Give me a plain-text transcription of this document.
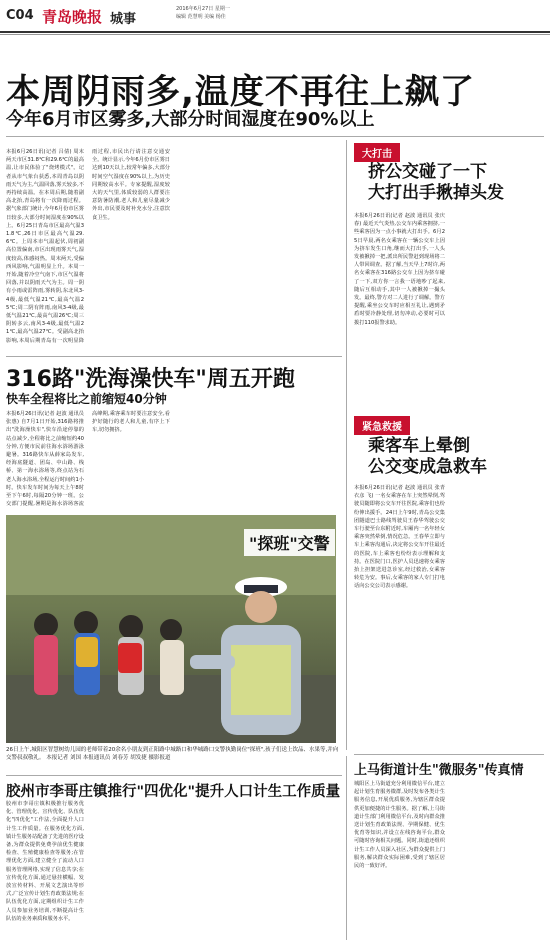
C04 青岛晚报 城事
2016年6月27日 星期一
编辑 范慧明 美编 杨佳
本周阴雨多,温度不再往上飙了
今年6月市区雾多,大部分时间湿度在90%以上
本报6月26日讯(记者 吕倩) 周末两天市区31.8℃和29.6℃的最高温,让市民体验了"烧烤模式"。记者从市气象台获悉,本周青岛以阴雨天气为主,气温回落,雾天较多,不再持续高温。在本周后期,随着副高北抬,青岛将有一次降雨过程。据气象部门统计,今年6月份市区雾日较多,大部分时间湿度在90%以上。6月25日青岛市区最高气温31.8℃,26日市区最高气温29.6℃。上周本市气温起伏,周初副高位置偏南,市区出现雨雾天气,湿度较高,体感闷热。周末两天,受偏西风影响,气温明显上升。本周一开始,随着冷空气南下,市区气温将回落,并以阴雨天气为主。周一阴有小雨或雷阵雨,雾转阴,东北风3-4级,最低气温21℃,最高气温25℃;周二阴有阵雨,南风3-4级,最低气温21℃,最高气温26℃;周三阴转多云,南风3-4级,最低气温21℃,最高气温27℃。受副高北抬影响,本周后期青岛有一次明显降雨过程,市民出行请注意交通安全。统计显示,今年6月份市区雾日达到10天以上,较常年偏多,大部分时间空气湿度在90%以上,为历史同期较高水平。专家提醒,湿度较大的天气里,体质较弱的人群要注意防暑防潮,老人和儿童尽量减少外出,市民要及时补充水分,注意饮食卫生。
大打击
挤公交碰了一下
大打出手揪掉头发
本报6月26日讯(记者 赵波 通讯员 张庆春) 最近天气炎热,公交车内乘客拥挤,一些乘客因为一点小事就大打出手。6月25日早晨,两名女乘客在一辆公交车上因为挤车发生口角,继而大打出手,一人头发被揪掉一把,派出所民警赶到现场将二人带回调查。据了解,当天早上7时许,两名女乘客在316路公交车上因为挤车碰了一下,双方你一言我一语地吵了起来,随后互相动手,其中一人被揪掉一撮头发。最终,警方对二人进行了调解。警方提醒,乘坐公交车时应相互礼让,遇到矛盾时要冷静处理,切勿冲动,必要时可以拨打110报警求助。
紧急救援
乘客车上晕倒
公交变成急救车
本报6月26日讯(记者 赵波 通讯员 张青 衣彦 飞) 一名女乘客在车上突然晕倒,驾驶员随即将公交车开往医院,乘客们也纷纷伸出援手。24日上午9时,青岛公交集团隧道巴士路线驾驶员王春华驾驶公交车行驶至台东附近时,车厢内一名年轻女乘客突然晕倒,情况危急。王春华立即与车上乘客沟通后,决定将公交车开往最近的医院,车上乘客也纷纷表示理解和支持。在医院门口,医护人员迅速将女乘客抬上担架送进急诊室,经过救治,女乘客转危为安。事后,女乘客的家人专门打电话向公交公司表示感谢。
316路"洗海澡快车"周五开跑
快车全程将比之前缩短40分钟
本报6月26日讯(记者 赵波 通讯员 张惠) 自7月1日开始,316路将推出"洗海澡快车",快车沿途停靠的站点减少,全程将比之前缩短约40分钟,方便市民前往海水浴场游泳避暑。316路快车从薛家岛发车,经海底隧道、团岛、中山路、栈桥、第一海水浴场等,终点站为石老人海水浴场,全程运行时间约1小时。快车发车时间为每天上午8时至下午6时,每隔20分钟一班。公交部门提醒,暑期是海水浴场客流高峰期,乘客乘车时要注意安全,看护好随行的老人和儿童,有序上下车,切勿拥挤。
"探班"交警
26日上午,城阳区智慧树幼儿园的老师带着20余名小朋友到正阳路中城路口和华城路口交警执勤岗位"探班",孩子们送上饮品、水果等,并向交警叔叔敬礼。 本报记者 刘国 本报通讯员 刘春芳 胡发捷 摄影报道
上马街道计生"微服务"传真情
城阳区上马街道充分利用微信平台,建立起计划生育服务微群,及时发布各类计生服务信息,开展优质服务,为辖区群众提供更加便捷的计生服务。据了解,上马街道计生部门利用微信平台,及时向群众推送计划生育政策法规、孕期保健、优生优育等知识,并设立在线咨询平台,群众可随时咨询相关问题。同时,街道还组织计生工作人员深入社区,为群众提供上门服务,解决群众实际困难,受到了辖区居民的一致好评。
胶州市李哥庄镇推行"四优化"提升人口计生工作质量
胶州市李哥庄镇积极推行服务优化、管理优化、宣传优化、队伍优化"四优化"工作法,全面提升人口计生工作质量。在服务优化方面,镇计生服务站配备了先进的医疗设备,为群众提供免费孕前优生健康检查、生殖健康检查等服务;在管理优化方面,建立健全了流动人口服务管理网络,实现了信息共享;在宣传优化方面,通过悬挂横幅、发放宣传材料、开展文艺演出等形式,广泛宣传计划生育政策法规;在队伍优化方面,定期组织计生工作人员参加业务培训,不断提高计生队伍的业务素质和服务水平。
